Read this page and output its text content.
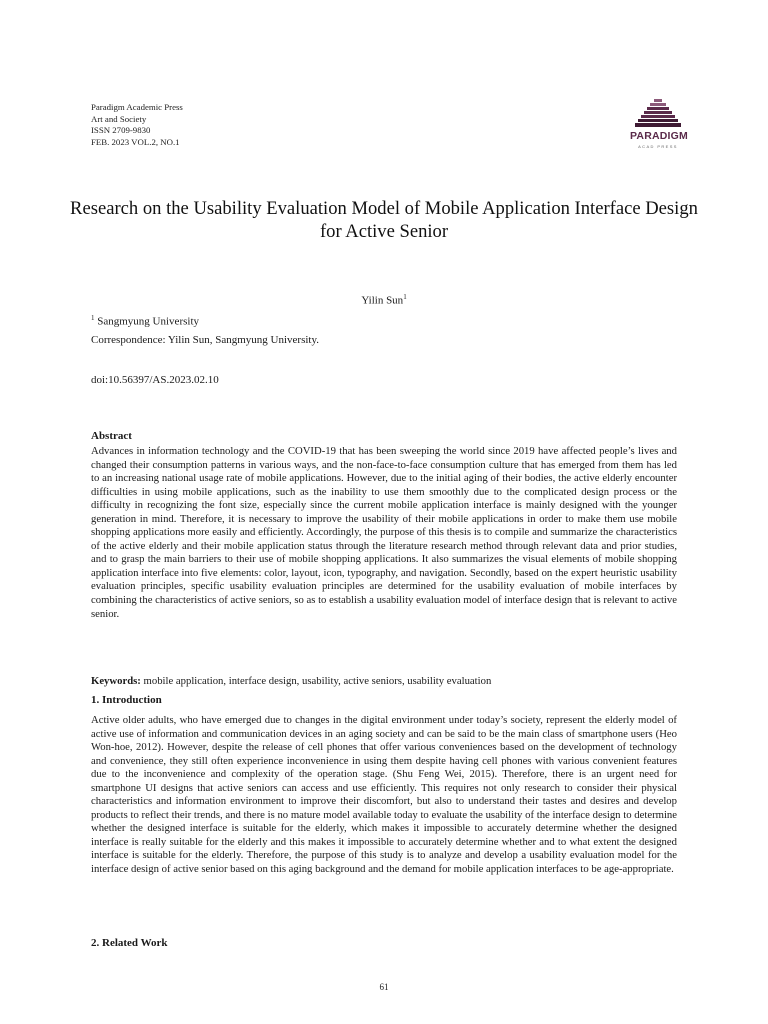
Paradigm Academic Press
Art and Society
ISSN 2709-9830
FEB. 2023 VOL.2, NO.1	PARADIGM
ACAD PRESS
Research on the Usability Evaluation Model of Mobile Application Interface Design for Active Senior
Yilin Sun$^1$
$^1$ Sangmyung University
Correspondence: Yilin Sun, Sangmyung University.
doi:10.56397/AS.2023.02.10
Abstract
Advances in information technology and the COVID-19 that has been sweeping the world since 2019 have affected people’s lives and changed their consumption patterns in various ways, and the non-face-to-face consumption culture that has emerged from them has led to an increasing national usage rate of mobile applications. However, due to the initial aging of their bodies, the active elderly encounter difficulties in using mobile applications, such as the inability to use them smoothly due to the complicated design process or the difficulty in recognizing the font size, especially since the current mobile application interface is mainly designed with the younger generation in mind. Therefore, it is necessary to improve the usability of their mobile applications in order to make them use mobile shopping applications more easily and efficiently. Accordingly, the purpose of this thesis is to compile and summarize the characteristics of the active elderly and their mobile application status through the literature research method through relevant data and prior studies, and to grasp the main barriers to their use of mobile shopping applications. It also summarizes the visual elements of mobile shopping application interface into five elements: color, layout, icon, typography, and navigation. Secondly, based on the expert heuristic usability evaluation principles, specific usability evaluation principles are determined for the usability evaluation of mobile interfaces by combining the characteristics of active seniors, so as to establish a usability evaluation model of interface design that is relevant to active senior.
Keywords: mobile application, interface design, usability, active seniors, usability evaluation
1. Introduction
Active older adults, who have emerged due to changes in the digital environment under today’s society, represent the elderly model of active use of information and communication devices in an aging society and can be said to be the main class of smartphone users (Heo Won-hoe, 2012). However, despite the release of cell phones that offer various conveniences based on the development of technology and convenience, they still often experience inconvenience in using them despite having cell phones with various convenient features due to the inconvenience and complexity of the operation stage. (Shu Feng Wei, 2015). Therefore, there is an urgent need for smartphone UI designs that active seniors can access and use efficiently. This requires not only research to consider their physical characteristics and information environment to improve their discomfort, but also to understand their tastes and desires and develop products to reflect their trends, and there is no mature model available today to evaluate the usability of the interface design to determine whether the designed interface is suitable for the elderly, which makes it impossible to accurately determine whether the designed interface is really suitable for the elderly and this makes it impossible to accurately determine whether and to what extent the designed interface is suitable for the elderly. Therefore, the purpose of this study is to analyze and develop a usability evaluation model for the interface design of active senior based on this aging background and the demand for mobile application interfaces to be age-appropriate.
2. Related Work
61
